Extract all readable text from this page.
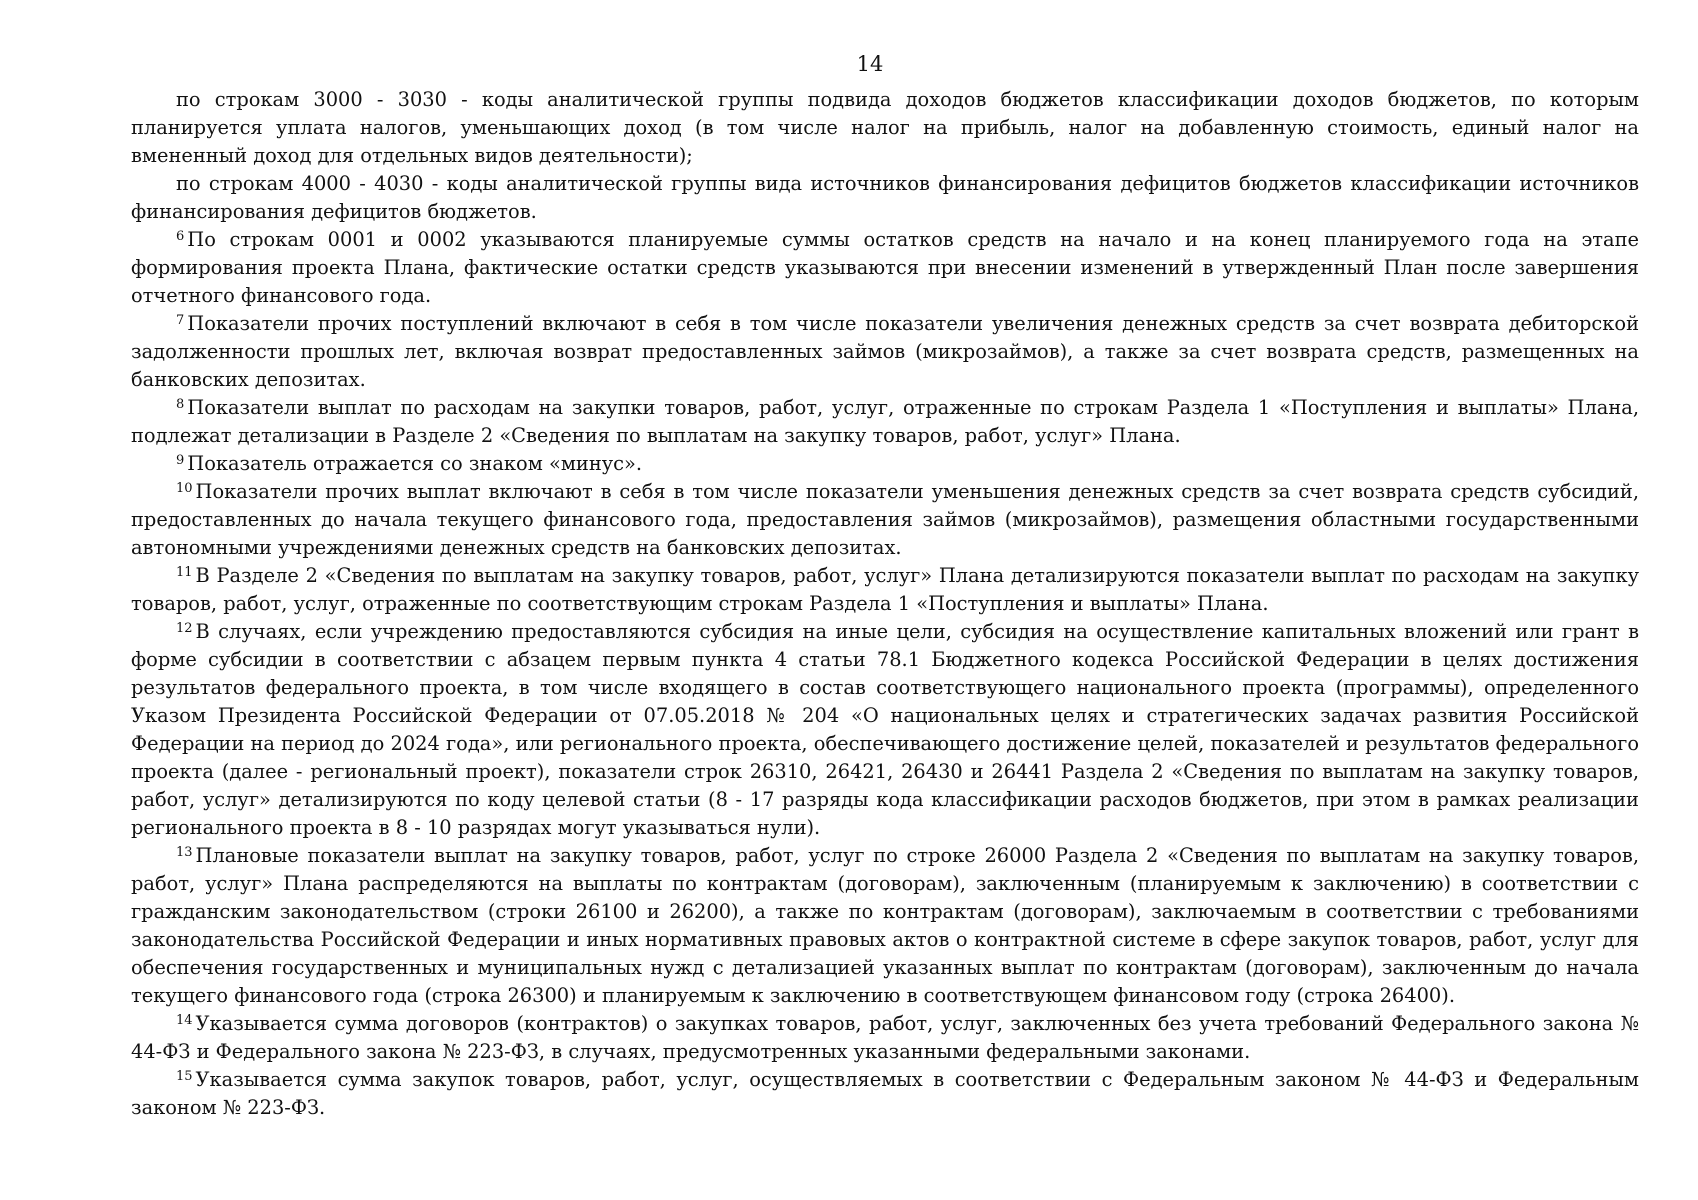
14

по строкам 3000 - 3030 - коды аналитической группы подвида доходов бюджетов классификации доходов бюджетов, по которым планируется уплата налогов, уменьшающих доход (в том числе налог на прибыль, налог на добавленную стоимость, единый налог на вмененный доход для отдельных видов деятельности);

по строкам 4000 - 4030 - коды аналитической группы вида источников финансирования дефицитов бюджетов классификации источников финансирования дефицитов бюджетов.

$^6$ По строкам 0001 и 0002 указываются планируемые суммы остатков средств на начало и на конец планируемого года на этапе формирования проекта Плана, фактические остатки средств указываются при внесении изменений в утвержденный План после завершения отчетного финансового года.

$^7$ Показатели прочих поступлений включают в себя в том числе показатели увеличения денежных средств за счет возврата дебиторской задолженности прошлых лет, включая возврат предоставленных займов (микрозаймов), а также за счет возврата средств, размещенных на банковских депозитах.

$^8$ Показатели выплат по расходам на закупки товаров, работ, услуг, отраженные по строкам Раздела 1 «Поступления и выплаты» Плана, подлежат детализации в Разделе 2 «Сведения по выплатам на закупку товаров, работ, услуг» Плана.

$^9$ Показатель отражается со знаком «минус».

$^{10}$ Показатели прочих выплат включают в себя в том числе показатели уменьшения денежных средств за счет возврата средств субсидий, предоставленных до начала текущего финансового года, предоставления займов (микрозаймов), размещения областными государственными автономными учреждениями денежных средств на банковских депозитах.

$^{11}$ В Разделе 2 «Сведения по выплатам на закупку товаров, работ, услуг» Плана детализируются показатели выплат по расходам на закупку товаров, работ, услуг, отраженные по соответствующим строкам Раздела 1 «Поступления и выплаты» Плана.

$^{12}$ В случаях, если учреждению предоставляются субсидия на иные цели, субсидия на осуществление капитальных вложений или грант в форме субсидии в соответствии с абзацем первым пункта 4 статьи 78.1 Бюджетного кодекса Российской Федерации в целях достижения результатов федерального проекта, в том числе входящего в состав соответствующего национального проекта (программы), определенного Указом Президента Российской Федерации от 07.05.2018 № 204 «О национальных целях и стратегических задачах развития Российской Федерации на период до 2024 года», или регионального проекта, обеспечивающего достижение целей, показателей и результатов федерального проекта (далее - региональный проект), показатели строк 26310, 26421, 26430 и 26441 Раздела 2 «Сведения по выплатам на закупку товаров, работ, услуг» детализируются по коду целевой статьи (8 - 17 разряды кода классификации расходов бюджетов, при этом в рамках реализации регионального проекта в 8 - 10 разрядах могут указываться нули).

$^{13}$ Плановые показатели выплат на закупку товаров, работ, услуг по строке 26000 Раздела 2 «Сведения по выплатам на закупку товаров, работ, услуг» Плана распределяются на выплаты по контрактам (договорам), заключенным (планируемым к заключению) в соответствии с гражданским законодательством (строки 26100 и 26200), а также по контрактам (договорам), заключаемым в соответствии с требованиями законодательства Российской Федерации и иных нормативных правовых актов о контрактной системе в сфере закупок товаров, работ, услуг для обеспечения государственных и муниципальных нужд с детализацией указанных выплат по контрактам (договорам), заключенным до начала текущего финансового года (строка 26300) и планируемым к заключению в соответствующем финансовом году (строка 26400).

$^{14}$ Указывается сумма договоров (контрактов) о закупках товаров, работ, услуг, заключенных без учета требований Федерального закона № 44-ФЗ и Федерального закона № 223-ФЗ, в случаях, предусмотренных указанными федеральными законами.

$^{15}$ Указывается сумма закупок товаров, работ, услуг, осуществляемых в соответствии с Федеральным законом № 44-ФЗ и Федеральным законом № 223-ФЗ.
